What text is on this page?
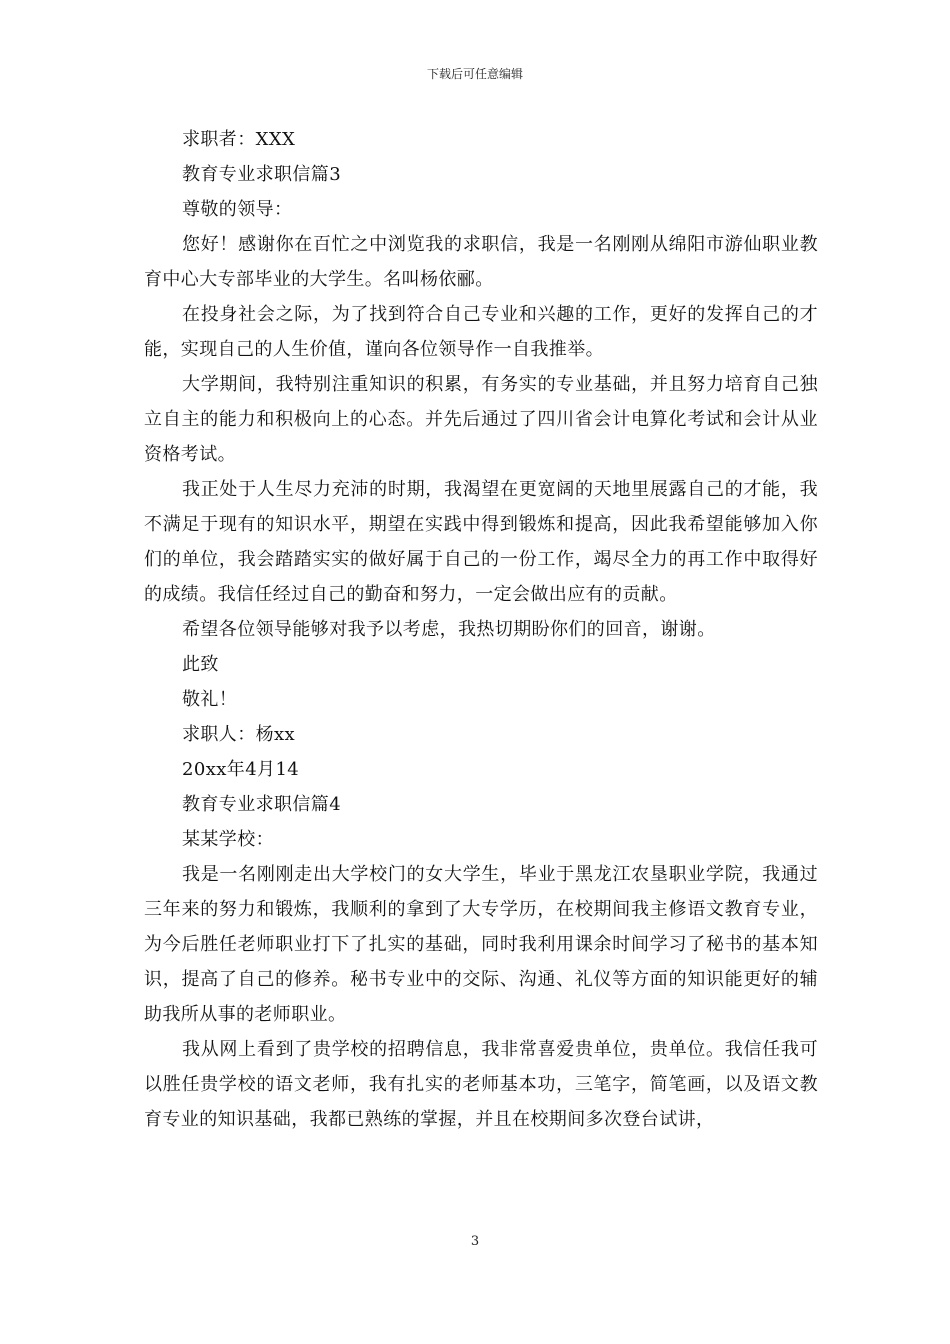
下载后可任意编辑

求职者：XXX

教育专业求职信篇3

尊敬的领导：

您好！感谢你在百忙之中浏览我的求职信，我是一名刚刚从绵阳市游仙职业教育中心大专部毕业的大学生。名叫杨依郦。

在投身社会之际，为了找到符合自己专业和兴趣的工作，更好的发挥自己的才能，实现自己的人生价值，谨向各位领导作一自我推举。

大学期间，我特别注重知识的积累，有务实的专业基础，并且努力培育自己独立自主的能力和积极向上的心态。并先后通过了四川省会计电算化考试和会计从业资格考试。

我正处于人生尽力充沛的时期，我渴望在更宽阔的天地里展露自己的才能，我不满足于现有的知识水平，期望在实践中得到锻炼和提高，因此我希望能够加入你们的单位，我会踏踏实实的做好属于自己的一份工作，竭尽全力的再工作中取得好的成绩。我信任经过自己的勤奋和努力，一定会做出应有的贡献。

希望各位领导能够对我予以考虑，我热切期盼你们的回音，谢谢。

此致

敬礼！

求职人：杨xx

20xx年4月14

教育专业求职信篇4

某某学校：

我是一名刚刚走出大学校门的女大学生，毕业于黑龙江农垦职业学院，我通过三年来的努力和锻炼，我顺利的拿到了大专学历，在校期间我主修语文教育专业，为今后胜任老师职业打下了扎实的基础，同时我利用课余时间学习了秘书的基本知识，提高了自己的修养。秘书专业中的交际、沟通、礼仪等方面的知识能更好的辅助我所从事的老师职业。

我从网上看到了贵学校的招聘信息，我非常喜爱贵单位，贵单位。我信任我可以胜任贵学校的语文老师，我有扎实的老师基本功，三笔字，简笔画，以及语文教育专业的知识基础，我都已熟练的掌握，并且在校期间多次登台试讲，

3
